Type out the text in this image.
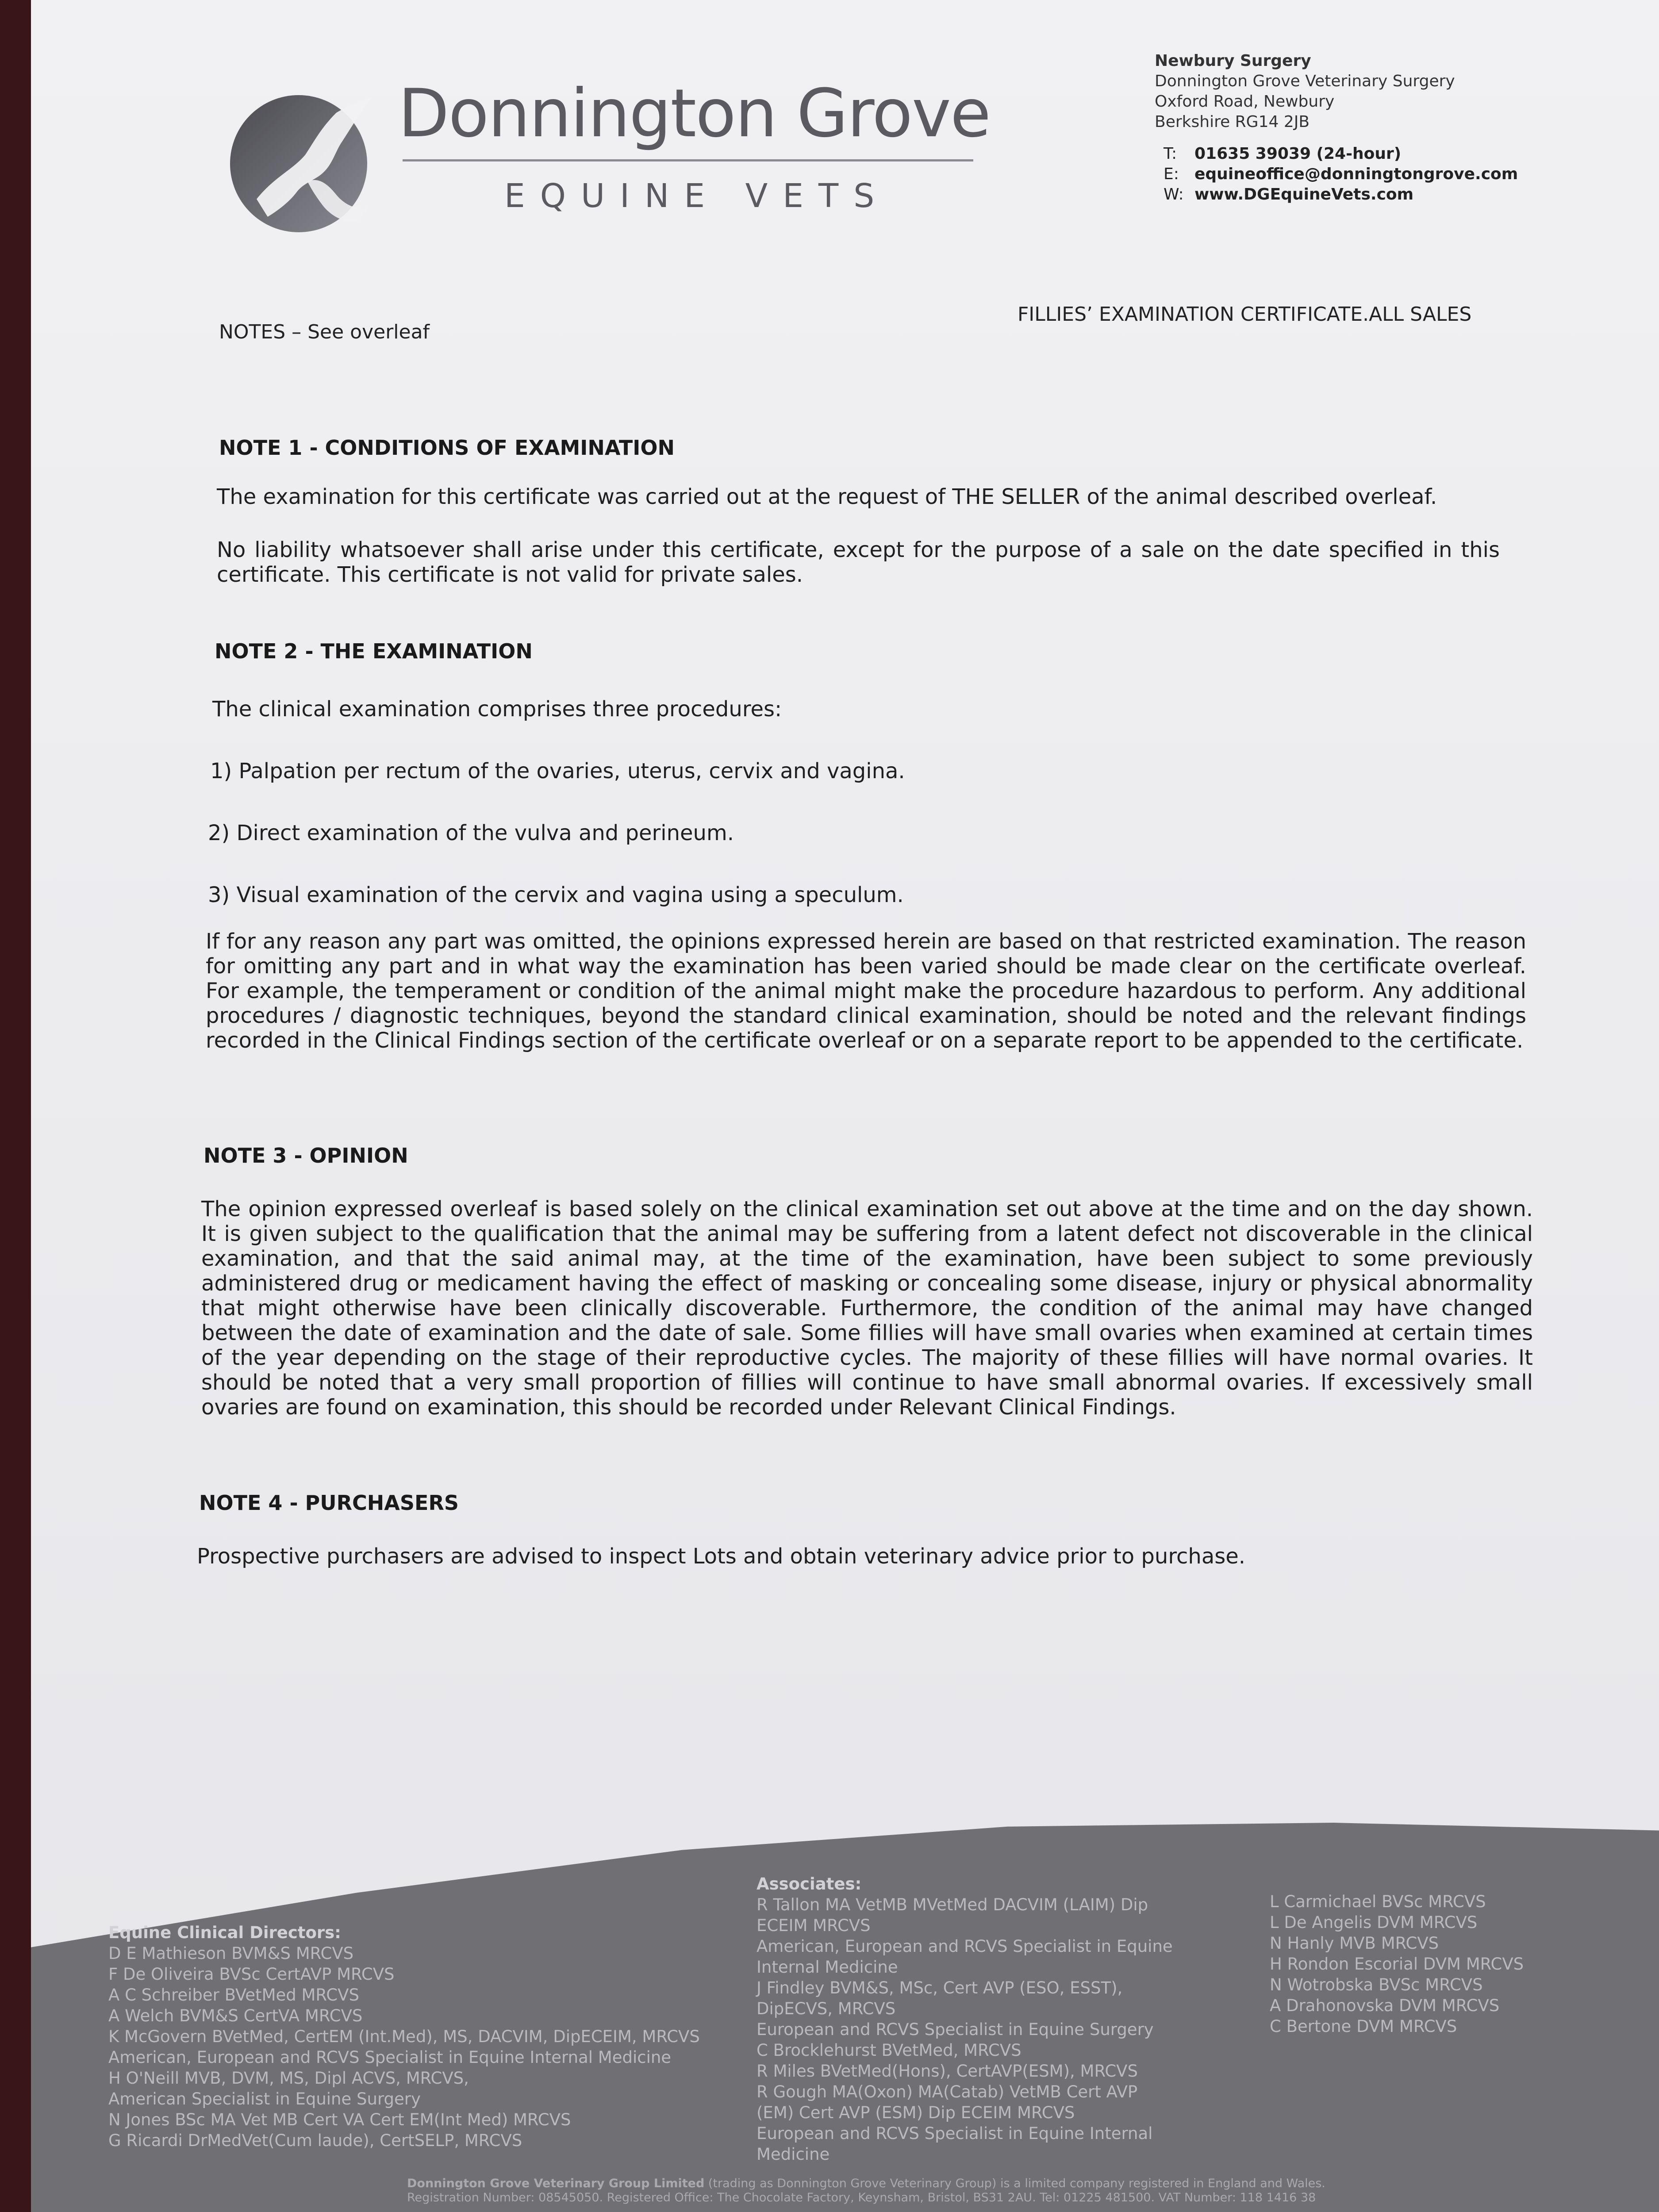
Donnington Grove
EQUINE VETS
Newbury Surgery
Donnington Grove Veterinary Surgery
Oxford Road, Newbury
Berkshire RG14 2JB
T: 01635 39039 (24-hour)
E: equineoffice@donningtongrove.com
W: www.DGEquineVets.com
NOTES – See overleaf
FILLIES’ EXAMINATION CERTIFICATE.ALL SALES
NOTE 1 - CONDITIONS OF EXAMINATION

The examination for this certificate was carried out at the request of THE SELLER of the animal described overleaf.

No liability whatsoever shall arise under this certificate, except for the purpose of a sale on the date specified in this certificate. This certificate is not valid for private sales.

NOTE 2 - THE EXAMINATION

The clinical examination comprises three procedures:

1) Palpation per rectum of the ovaries, uterus, cervix and vagina.
2) Direct examination of the vulva and perineum.
3) Visual examination of the cervix and vagina using a speculum.

If for any reason any part was omitted, the opinions expressed herein are based on that restricted examination. The reason for omitting any part and in what way the examination has been varied should be made clear on the certificate overleaf. For example, the temperament or condition of the animal might make the procedure hazardous to perform. Any additional procedures / diagnostic techniques, beyond the standard clinical examination, should be noted and the relevant findings recorded in the Clinical Findings section of the certificate overleaf or on a separate report to be appended to the certificate.

NOTE 3 - OPINION

The opinion expressed overleaf is based solely on the clinical examination set out above at the time and on the day shown. It is given subject to the qualification that the animal may be suffering from a latent defect not discoverable in the clinical examination, and that the said animal may, at the time of the examination, have been subject to some previously administered drug or medicament having the effect of masking or concealing some disease, injury or physical abnormality that might otherwise have been clinically discoverable. Furthermore, the condition of the animal may have changed between the date of examination and the date of sale. Some fillies will have small ovaries when examined at certain times of the year depending on the stage of their reproductive cycles. The majority of these fillies will have normal ovaries. It should be noted that a very small proportion of fillies will continue to have small abnormal ovaries. If excessively small ovaries are found on examination, this should be recorded under Relevant Clinical Findings.

NOTE 4 - PURCHASERS

Prospective purchasers are advised to inspect Lots and obtain veterinary advice prior to purchase.

Equine Clinical Directors:
D E Mathieson BVM&S MRCVS
F De Oliveira BVSc CertAVP MRCVS
A C Schreiber BVetMed MRCVS
A Welch BVM&S CertVA MRCVS
K McGovern BVetMed, CertEM (Int.Med), MS, DACVIM, DipECEIM, MRCVS
American, European and RCVS Specialist in Equine Internal Medicine
H O'Neill MVB, DVM, MS, Dipl ACVS, MRCVS,
American Specialist in Equine Surgery
N Jones BSc MA Vet MB Cert VA Cert EM(Int Med) MRCVS
G Ricardi DrMedVet(Cum laude), CertSELP, MRCVS
Associates:
R Tallon MA VetMB MVetMed DACVIM (LAIM) Dip
ECEIM MRCVS
American, European and RCVS Specialist in Equine
Internal Medicine
J Findley BVM&S, MSc, Cert AVP (ESO, ESST),
DipECVS, MRCVS
European and RCVS Specialist in Equine Surgery
C Brocklehurst BVetMed, MRCVS
R Miles BVetMed(Hons), CertAVP(ESM), MRCVS
R Gough MA(Oxon) MA(Catab) VetMB Cert AVP
(EM) Cert AVP (ESM) Dip ECEIM MRCVS
European and RCVS Specialist in Equine Internal
Medicine
L Carmichael BVSc MRCVS
L De Angelis DVM MRCVS
N Hanly MVB MRCVS
H Rondon Escorial DVM MRCVS
N Wotrobska BVSc MRCVS
A Drahonovska DVM MRCVS
C Bertone DVM MRCVS
Donnington Grove Veterinary Group Limited (trading as Donnington Grove Veterinary Group) is a limited company registered in England and Wales.
Registration Number: 08545050. Registered Office: The Chocolate Factory, Keynsham, Bristol, BS31 2AU. Tel: 01225 481500. VAT Number: 118 1416 38
